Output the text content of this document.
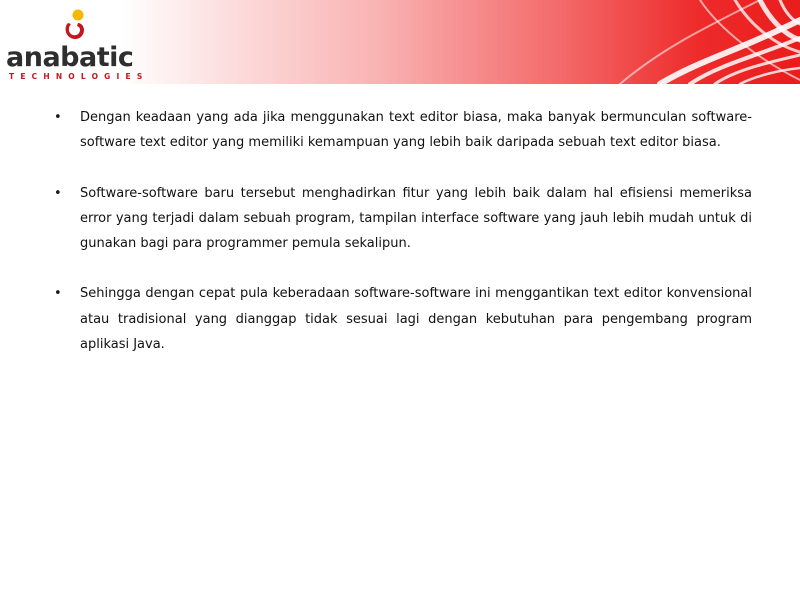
anabatic
TECHNOLOGIES
• Dengan keadaan yang ada jika menggunakan text editor biasa, maka banyak bermunculan software-software text editor yang memiliki kemampuan yang lebih baik daripada sebuah text editor biasa.

• Software-software baru tersebut menghadirkan fitur yang lebih baik dalam hal efisiensi memeriksa error yang terjadi dalam sebuah program, tampilan interface software yang jauh lebih mudah untuk di gunakan bagi para programmer pemula sekalipun.

• Sehingga dengan cepat pula keberadaan software-software ini menggantikan text editor konvensional atau tradisional yang dianggap tidak sesuai lagi dengan kebutuhan para pengembang program aplikasi Java.
